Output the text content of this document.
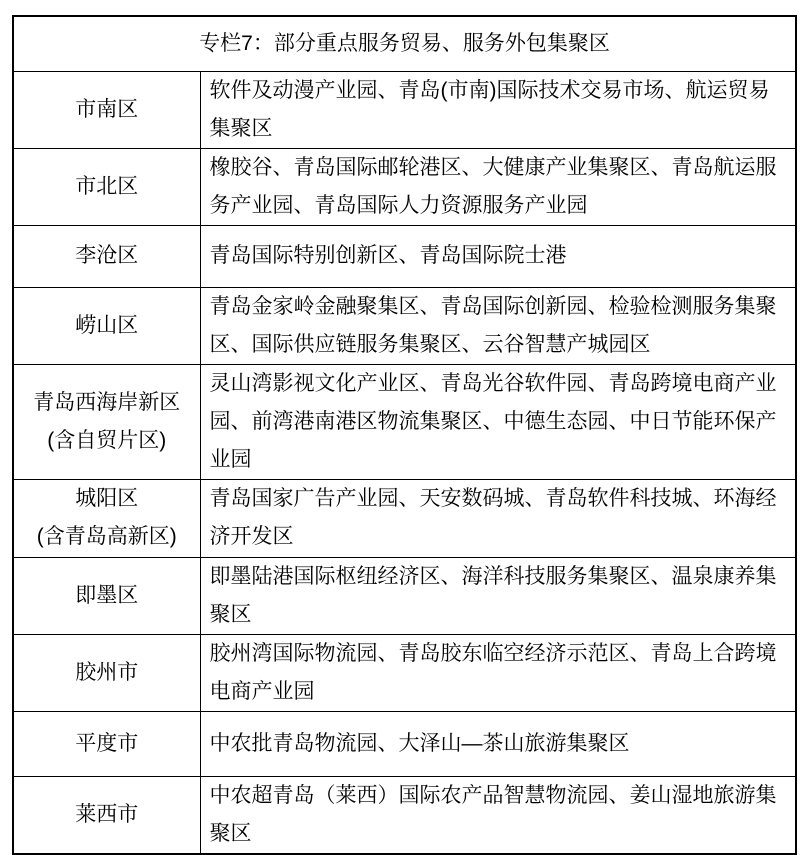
专栏7：部分重点服务贸易、服务外包集聚区	

市南区	软件及动漫产业园、青岛(市南)国际技术交易市场、航运贸易集聚区

市北区	橡胶谷、青岛国际邮轮港区、大健康产业集聚区、青岛航运服务产业园、青岛国际人力资源服务产业园

李沧区	青岛国际特别创新区、青岛国际院士港

崂山区	青岛金家岭金融聚集区、青岛国际创新园、检验检测服务集聚区、国际供应链服务集聚区、云谷智慧产城园区

青岛西海岸新区
(含自贸片区)	灵山湾影视文化产业区、青岛光谷软件园、青岛跨境电商产业园、前湾港南港区物流集聚区、中德生态园、中日节能环保产业园

城阳区
(含青岛高新区)	青岛国家广告产业园、天安数码城、青岛软件科技城、环海经济开发区

即墨区	即墨陆港国际枢纽经济区、海洋科技服务集聚区、温泉康养集聚区

胶州市	胶州湾国际物流园、青岛胶东临空经济示范区、青岛上合跨境电商产业园

平度市	中农批青岛物流园、大泽山—茶山旅游集聚区

莱西市	中农超青岛（莱西）国际农产品智慧物流园、姜山湿地旅游集聚区
